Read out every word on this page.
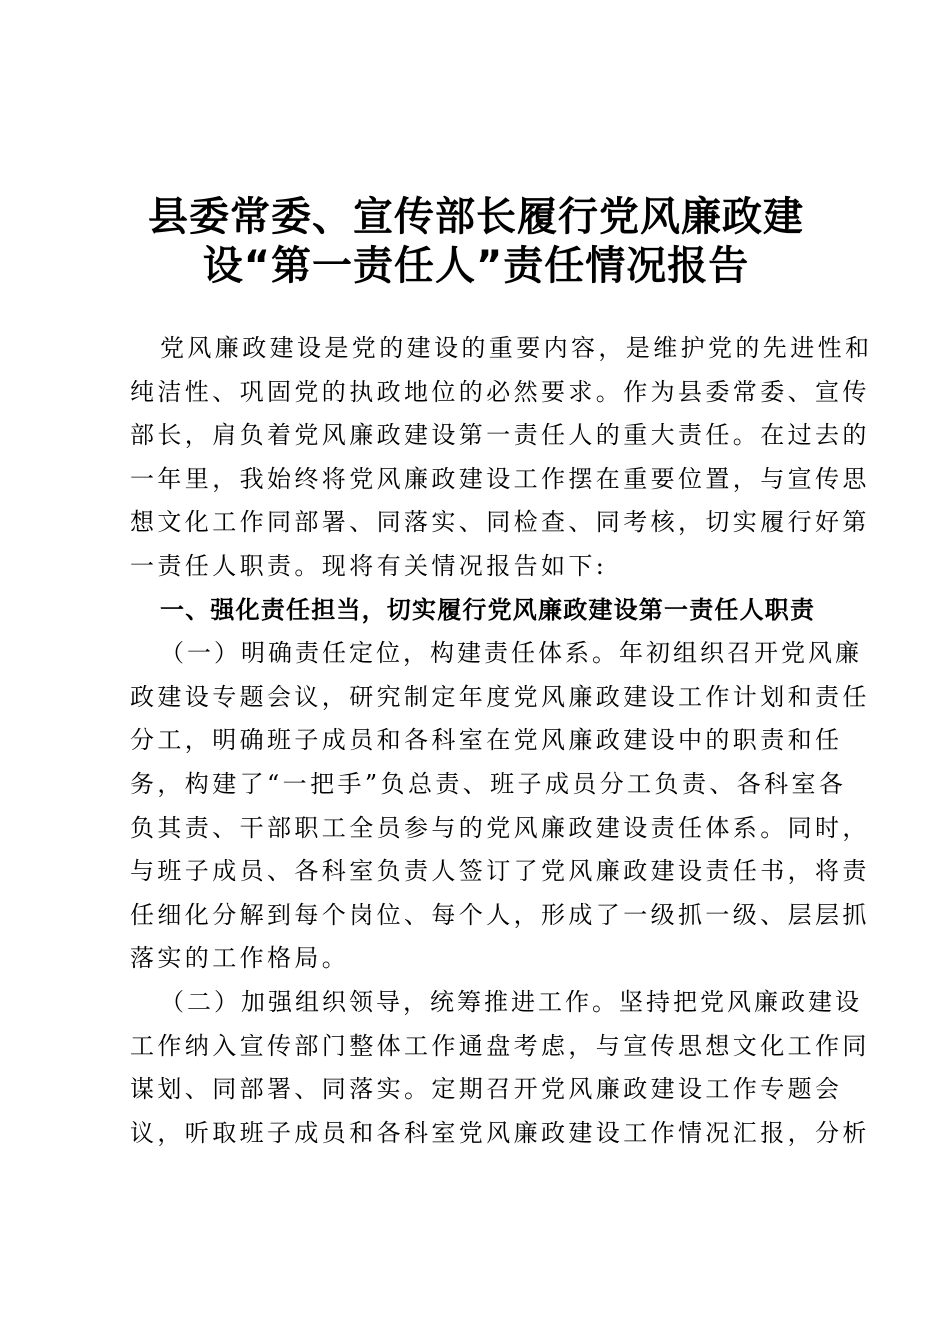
县委常委、宣传部长履行党风廉政建
设“第一责任人”责任情况报告
党风廉政建设是党的建设的重要内容，是维护党的先进性和
纯洁性、巩固党的执政地位的必然要求。作为县委常委、宣传
部长，肩负着党风廉政建设第一责任人的重大责任。在过去的
一年里，我始终将党风廉政建设工作摆在重要位置，与宣传思
想文化工作同部署、同落实、同检查、同考核，切实履行好第
一责任人职责。现将有关情况报告如下:
一、强化责任担当，切实履行党风廉政建设第一责任人职责
（一）明确责任定位，构建责任体系。年初组织召开党风廉
政建设专题会议，研究制定年度党风廉政建设工作计划和责任
分工，明确班子成员和各科室在党风廉政建设中的职责和任
务，构建了“一把手”负总责、班子成员分工负责、各科室各
负其责、干部职工全员参与的党风廉政建设责任体系。同时，
与班子成员、各科室负责人签订了党风廉政建设责任书，将责
任细化分解到每个岗位、每个人，形成了一级抓一级、层层抓
落实的工作格局。
（二）加强组织领导，统筹推进工作。坚持把党风廉政建设
工作纳入宣传部门整体工作通盘考虑，与宣传思想文化工作同
谋划、同部署、同落实。定期召开党风廉政建设工作专题会
议，听取班子成员和各科室党风廉政建设工作情况汇报，分析
